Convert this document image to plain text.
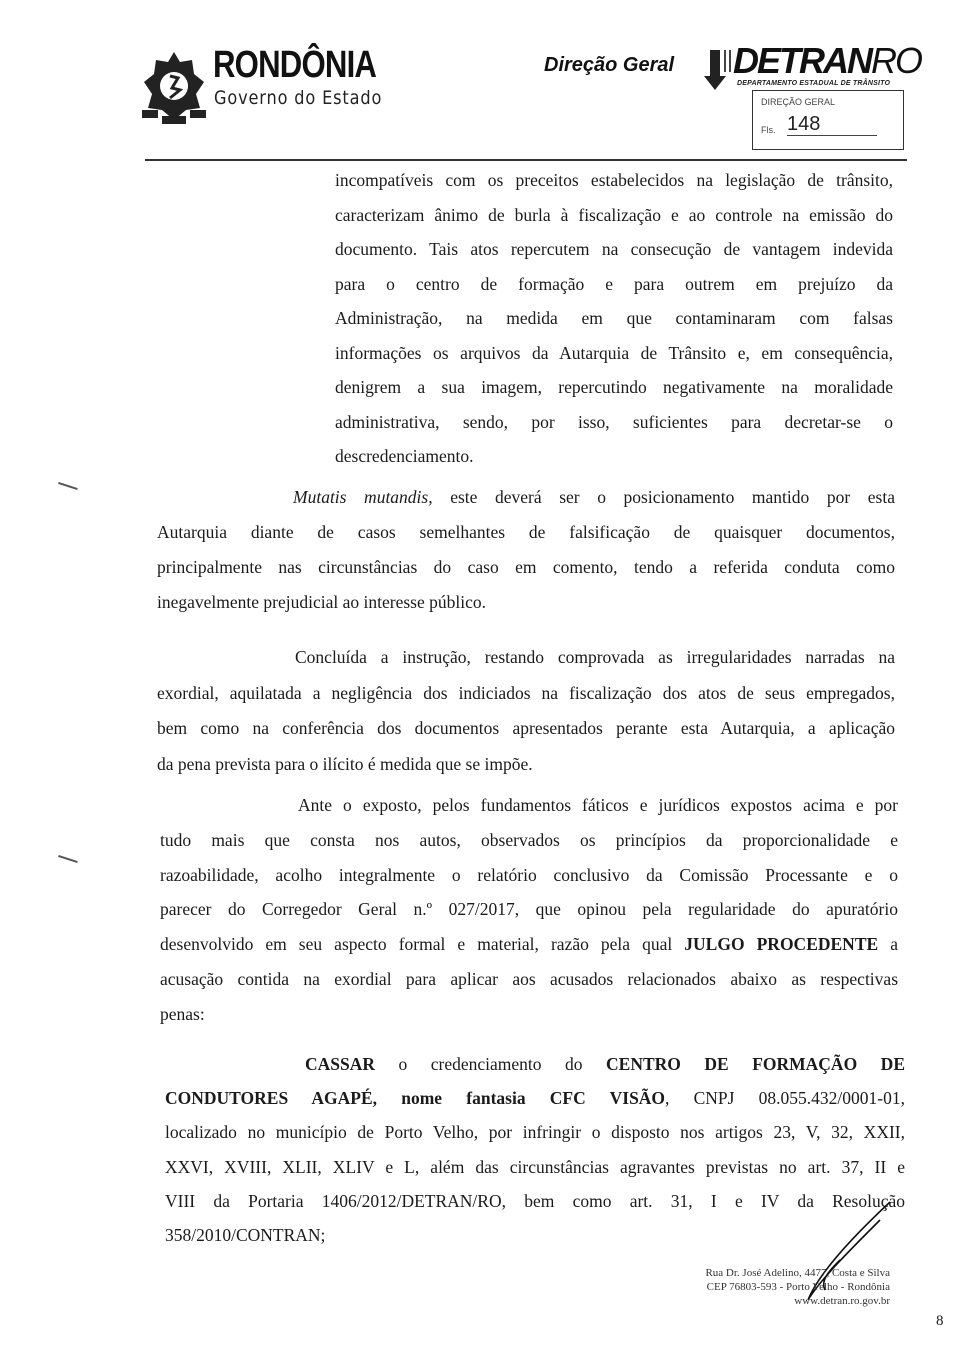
RONDÔNIA
Governo do Estado
Direção Geral DETRANRO
DEPARTAMENTO ESTADUAL DE TRÂNSITO
DIREÇÃO GERAL
Fls. 148
incompatíveis com os preceitos estabelecidos na legislação de trânsito,
caracterizam ânimo de burla à fiscalização e ao controle na emissão do
documento. Tais atos repercutem na consecução de vantagem indevida
para o centro de formação e para outrem em prejuízo da
Administração, na medida em que contaminaram com falsas
informações os arquivos da Autarquia de Trânsito e, em consequência,
denigrem a sua imagem, repercutindo negativamente na moralidade
administrativa, sendo, por isso, suficientes para decretar-se o
descredenciamento.
Mutatis mutandis, este deverá ser o posicionamento mantido por esta
Autarquia diante de casos semelhantes de falsificação de quaisquer documentos,
principalmente nas circunstâncias do caso em comento, tendo a referida conduta como
inegavelmente prejudicial ao interesse público.
Concluída a instrução, restando comprovada as irregularidades narradas na
exordial, aquilatada a negligência dos indiciados na fiscalização dos atos de seus empregados,
bem como na conferência dos documentos apresentados perante esta Autarquia, a aplicação
da pena prevista para o ilícito é medida que se impõe.
Ante o exposto, pelos fundamentos fáticos e jurídicos expostos acima e por
tudo mais que consta nos autos, observados os princípios da proporcionalidade e
razoabilidade, acolho integralmente o relatório conclusivo da Comissão Processante e o
parecer do Corregedor Geral n.º 027/2017, que opinou pela regularidade do apuratório
desenvolvido em seu aspecto formal e material, razão pela qual JULGO PROCEDENTE a
acusação contida na exordial para aplicar aos acusados relacionados abaixo as respectivas
penas:
CASSAR o credenciamento do CENTRO DE FORMAÇÃO DE
CONDUTORES AGAPÉ, nome fantasia CFC VISÃO, CNPJ 08.055.432/0001-01,
localizado no município de Porto Velho, por infringir o disposto nos artigos 23, V, 32, XXII,
XXVI, XVIII, XLII, XLIV e L, além das circunstâncias agravantes previstas no art. 37, II e
VIII da Portaria 1406/2012/DETRAN/RO, bem como art. 31, I e IV da Resolução
358/2010/CONTRAN;
Rua Dr. José Adelino, 4477, Costa e Silva
CEP 76803-593 - Porto Velho - Rondônia
www.detran.ro.gov.br
8
